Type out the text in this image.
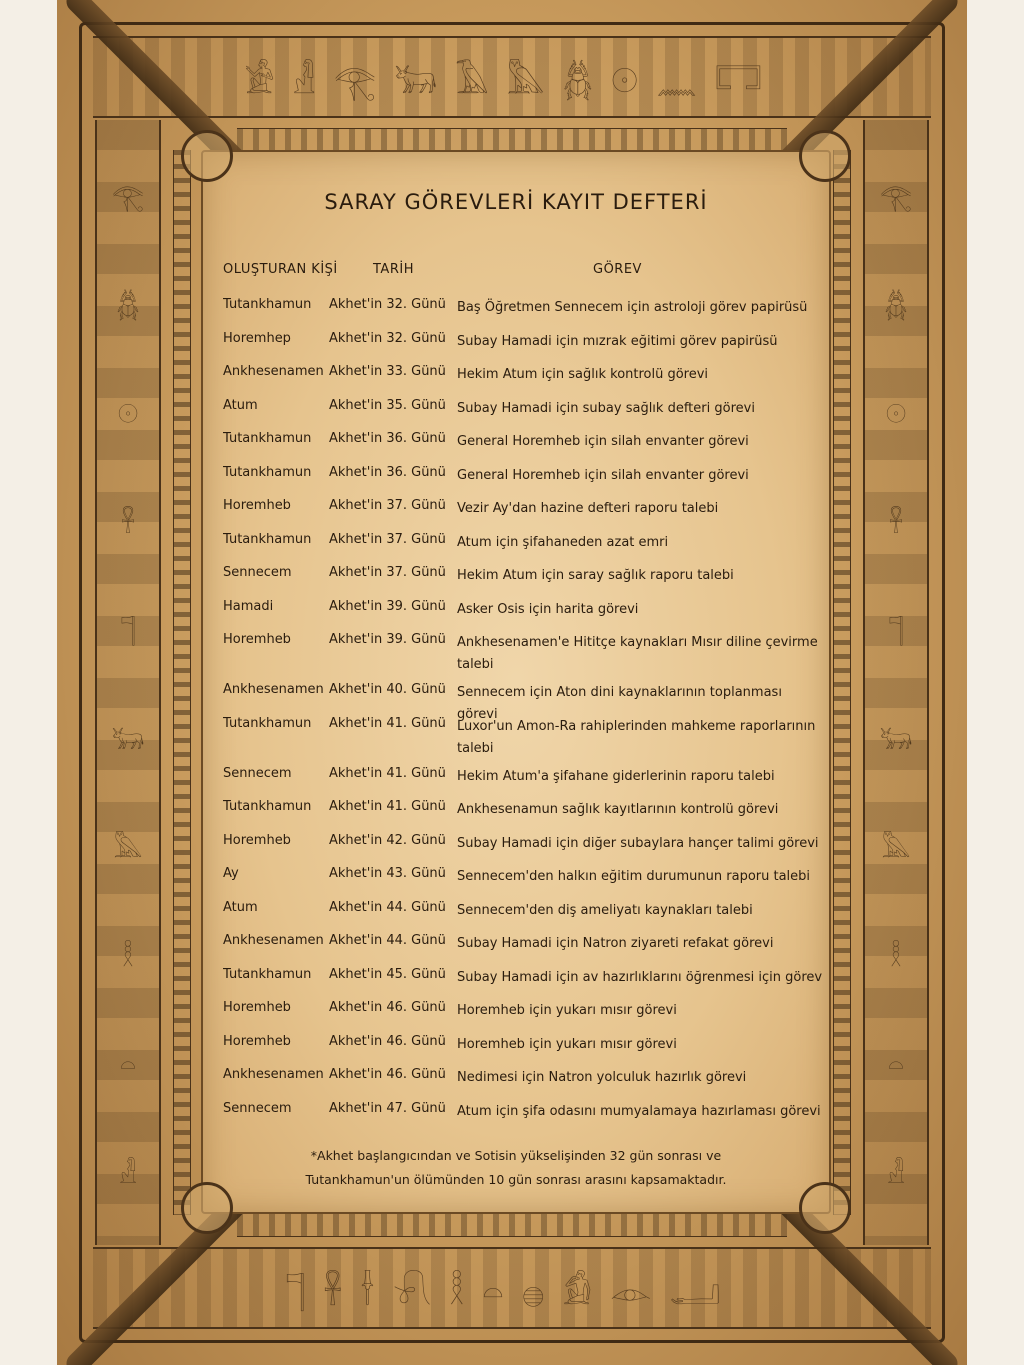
𓀀𓁐𓂀𓃒𓄿𓅓𓆣𓇳𓈖𓉐
𓊹𓋹𓌂𓍯𓎛𓏏𓐍𓀁𓁹𓂝
𓂀
𓆣
𓇳
𓋹
𓊹
𓃒
𓅓
𓎛
𓏏
𓁐
𓂀
𓆣
𓇳
𓋹
𓊹
𓃒
𓅓
𓎛
𓏏
𓁐
SARAY GÖREVLERİ KAYIT DEFTERİ
OLUŞTURAN KİŞİ	TARİH	GÖREV
Tutankhamun	Akhet'in 32. Günü Baş Öğretmen Sennecem için astroloji görev papirüsü
Horemhep	Akhet'in 32. Günü Subay Hamadi için mızrak eğitimi görev papirüsü
Ankhesenamen Akhet'in 33. Günü Hekim Atum için sağlık kontrolü görevi
Atum	Akhet'in 35. Günü Subay Hamadi için subay sağlık defteri görevi
Tutankhamun	Akhet'in 36. Günü General Horemheb için silah envanter görevi
Tutankhamun	Akhet'in 36. Günü General Horemheb için silah envanter görevi
Horemheb	Akhet'in 37. Günü Vezir Ay'dan hazine defteri raporu talebi
Tutankhamun	Akhet'in 37. Günü Atum için şifahaneden azat emri
Sennecem	Akhet'in 37. Günü Hekim Atum için saray sağlık raporu talebi
Hamadi	Akhet'in 39. Günü Asker Osis için harita görevi
Horemheb	Akhet'in 39. Günü Ankhesenamen'e Hititçe kaynakları Mısır diline çevirme talebi
Ankhesenamen Akhet'in 40. Günü Sennecem için Aton dini kaynaklarının toplanması görevi
Tutankhamun	Akhet'in 41. Günü Luxor'un Amon-Ra rahiplerinden mahkeme raporlarının talebi
Sennecem	Akhet'in 41. Günü Hekim Atum'a şifahane giderlerinin raporu talebi
Tutankhamun	Akhet'in 41. Günü Ankhesenamun sağlık kayıtlarının kontrolü görevi
Horemheb	Akhet'in 42. Günü Subay Hamadi için diğer subaylara hançer talimi görevi
Ay	Akhet'in 43. Günü Sennecem'den halkın eğitim durumunun raporu talebi
Atum	Akhet'in 44. Günü Sennecem'den diş ameliyatı kaynakları talebi
Ankhesenamen Akhet'in 44. Günü Subay Hamadi için Natron ziyareti refakat görevi
Tutankhamun	Akhet'in 45. Günü Subay Hamadi için av hazırlıklarını öğrenmesi için görev
Horemheb	Akhet'in 46. Günü Horemheb için yukarı mısır görevi
Horemheb	Akhet'in 46. Günü Horemheb için yukarı mısır görevi
Ankhesenamen Akhet'in 46. Günü Nedimesi için Natron yolculuk hazırlık görevi
Sennecem	Akhet'in 47. Günü Atum için şifa odasını mumyalamaya hazırlaması görevi
*Akhet başlangıcından ve Sotisin yükselişinden 32 gün sonrası ve
Tutankhamun'un ölümünden 10 gün sonrası arasını kapsamaktadır.
